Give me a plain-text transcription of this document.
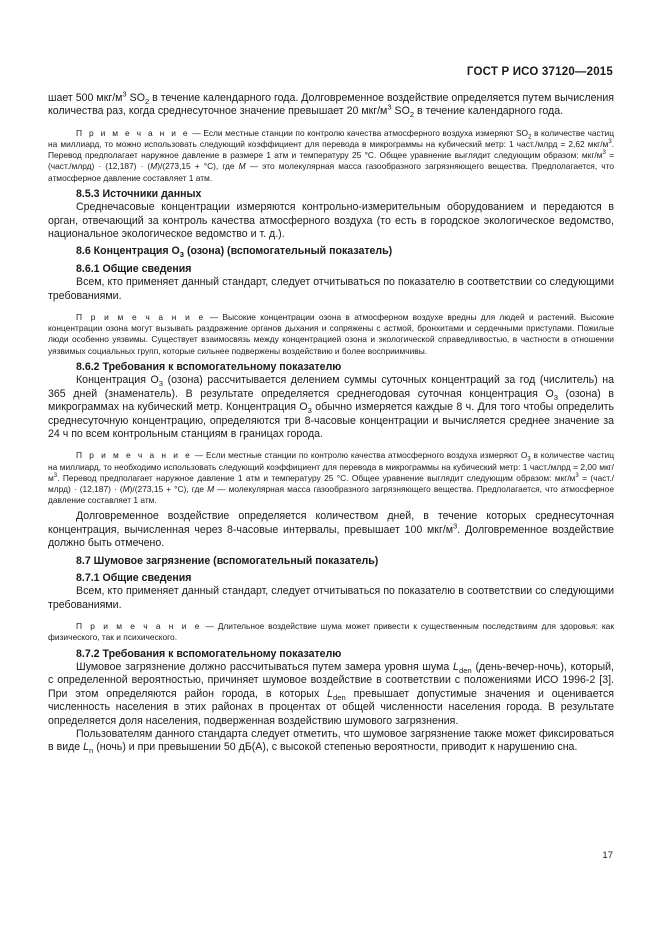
ГОСТ Р ИСО 37120—2015

шает 500 мкг/$м^3$ $SO_2$ в течение календарного года. Долговременное воздействие определяется путем вычисления количества раз, когда среднесуточное значение превышает 20 мкг/$м^3$ $SO_2$ в течение календарного года.

П р и м е ч а н и е — Если местные станции по контролю качества атмосферного воздуха измеряют $SO_2$ в количестве частиц на миллиард, то можно использовать следующий коэффициент для перевода в микрограммы на кубический метр: 1 част./млрд = 2,62 мкг/$м^3$. Перевод предполагает наружное давление в размере 1 атм и температуру 25 °C. Общее уравнение выглядит следующим образом: мкг/$м^3$ = (част./млрд) · (12,187) · (M)/(273,15 + °C), где M — это молекулярная масса газообразного загрязняющего вещества. Предполагается, что атмосферное давление составляет 1 атм.

8.5.3 Источники данных

Среднечасовые концентрации измеряются контрольно-измерительным оборудованием и передаются в орган, отвечающий за контроль качества атмосферного воздуха (то есть в городское экологическое ведомство, национальное экологическое ведомство и т. д.).

8.6 Концентрация $O_3$ (озона) (вспомогательный показатель)

8.6.1 Общие сведения

Всем, кто применяет данный стандарт, следует отчитываться по показателю в соответствии со следующими требованиями.

П р и м е ч а н и е — Высокие концентрации озона в атмосферном воздухе вредны для людей и растений. Высокие концентрации озона могут вызывать раздражение органов дыхания и сопряжены с астмой, бронхитами и сердечными приступами. Пожилые люди особенно уязвимы. Существует взаимосвязь между концентрацией озона и экологической справедливостью, в частности в отношении уязвимых социальных групп, которые сильнее подвержены воздействию и более восприимчивы.

8.6.2 Требования к вспомогательному показателю

Концентрация $O_3$ (озона) рассчитывается делением суммы суточных концентраций за год (числитель) на 365 дней (знаменатель). В результате определяется среднегодовая суточная концентрация $O_3$ (озона) в микрограммах на кубический метр. Концентрация $O_3$ обычно измеряется каждые 8 ч. Для того чтобы определить среднесуточную концентрацию, определяются три 8-часовые концентрации и вычисляется среднее значение за 24 ч по всем контрольным станциям в границах города.

П р и м е ч а н и е — Если местные станции по контролю качества атмосферного воздуха измеряют $O_3$ в количестве частиц на миллиард, то необходимо использовать следующий коэффициент для перевода в микрограммы на кубический метр: 1 част./млрд = 2,00 мкг/$м^3$. Перевод предполагает наружное давление 1 атм и температуру 25 °C. Общее уравнение выглядит следующим образом: мкг/$м^3$ = (част./млрд) · (12,187) · (M)/(273,15 + °C), где M — молекулярная масса газообразного загрязняющего вещества. Предполагается, что атмосферное давление составляет 1 атм.

Долговременное воздействие определяется количеством дней, в течение которых среднесуточная концентрация, вычисленная через 8-часовые интервалы, превышает 100 мкг/$м^3$. Долговременное воздействие должно быть отмечено.

8.7 Шумовое загрязнение (вспомогательный показатель)

8.7.1 Общие сведения

Всем, кто применяет данный стандарт, следует отчитываться по показателю в соответствии со следующими требованиями.

П р и м е ч а н и е — Длительное воздействие шума может привести к существенным последствиям для здоровья: как физического, так и психического.

8.7.2 Требования к вспомогательному показателю

Шумовое загрязнение должно рассчитываться путем замера уровня шума $L_{den}$ (день-вечер-ночь), который, с определенной вероятностью, причиняет шумовое воздействие в соответствии с положениями ИСО 1996-2 [3]. При этом определяются район города, в которых $L_{den}$ превышает допустимые значения и оценивается численность населения в этих районах в процентах от общей численности населения города. В результате определяется доля населения, подверженная воздействию шумового загрязнения.

Пользователям данного стандарта следует отметить, что шумовое загрязнение также может фиксироваться в виде $L_n$ (ночь) и при превышении 50 дБ(А), с высокой степенью вероятности, приводит к нарушению сна.

17
